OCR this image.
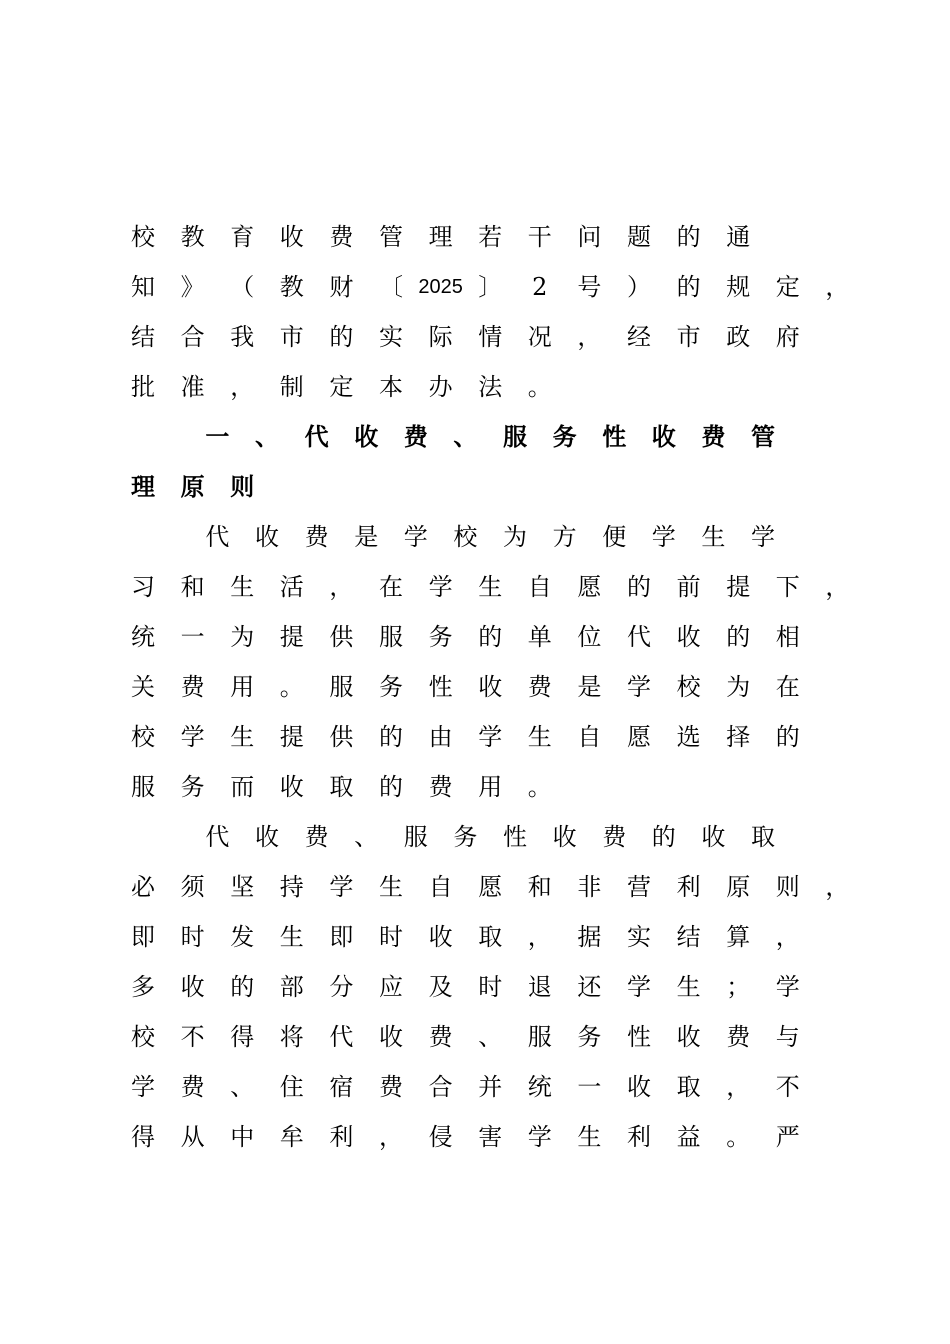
校 教 育 收 费 管 理 若 干 问 题 的 通
知 》 （ 教 财 〔 2025 〕	2	号 ） 的 规 定 ，
结 合 我 市 的 实 际 情 况 ， 经 市 政 府
批 准 ， 制 定 本 办 法 。
一 、 代 收 费 、 服 务 性 收 费 管
理 原 则
代 收 费 是 学 校 为 方 便 学 生 学
习 和 生 活 ， 在 学 生 自 愿 的 前 提 下 ，
统 一 为 提 供 服 务 的 单 位 代 收 的 相
关 费 用 。 服 务 性 收 费 是 学 校 为 在
校 学 生 提 供 的 由 学 生 自 愿 选 择 的
服 务 而 收 取 的 费 用 。
代 收 费 、 服 务 性 收 费 的 收 取
必 须 坚 持 学 生 自 愿 和 非 营 利 原 则 ，
即 时 发 生 即 时 收 取 ， 据 实 结 算 ，
多 收 的 部 分 应 及 时 退 还 学 生 ； 学
校 不 得 将 代 收 费 、 服 务 性 收 费 与
学 费 、 住 宿 费 合 并 统 一 收 取 ， 不
得 从 中 牟 利 ， 侵 害 学 生 利 益 。 严
